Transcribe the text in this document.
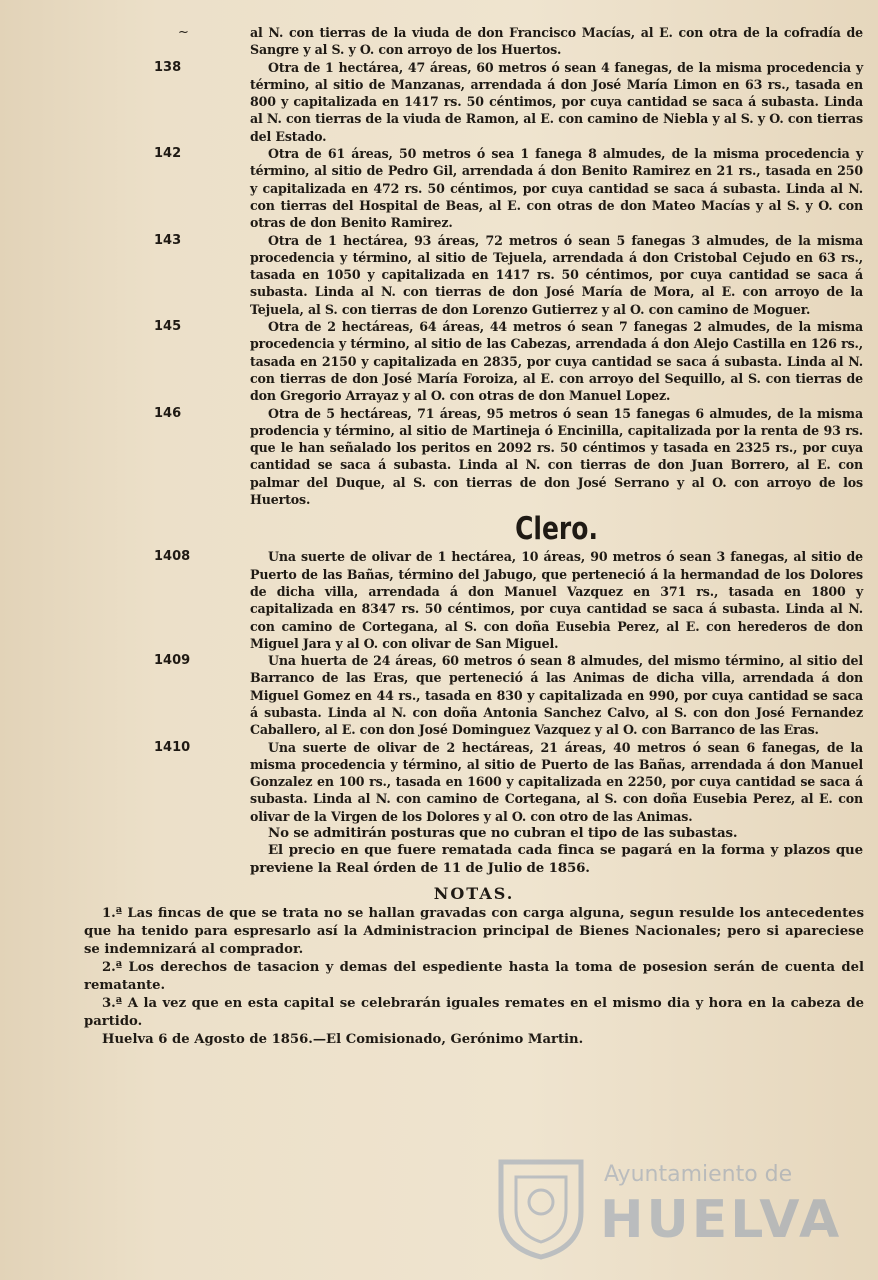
~	al N. con tierras de la viuda de don Francisco Macías, al E. con otra de la cofradía de Sangre y al S. y O. con arroyo de los Huertos.

138	Otra de 1 hectárea, 47 áreas, 60 metros ó sean 4 fanegas, de la misma procedencia y término, al sitio de Manzanas, arrendada á don José María Limon en 63 rs., tasada en 800 y capitalizada en 1417 rs. 50 céntimos, por cuya cantidad se saca á subasta. Linda al N. con tierras de la viuda de Ramon, al E. con camino de Niebla y al S. y O. con tierras del Estado.

142	Otra de 61 áreas, 50 metros ó sea 1 fanega 8 almudes, de la misma procedencia y término, al sitio de Pedro Gil, arrendada á don Benito Ramirez en 21 rs., tasada en 250 y capitalizada en 472 rs. 50 céntimos, por cuya cantidad se saca á subasta. Linda al N. con tierras del Hospital de Beas, al E. con otras de don Mateo Macías y al S. y O. con otras de don Benito Ramirez.

143	Otra de 1 hectárea, 93 áreas, 72 metros ó sean 5 fanegas 3 almudes, de la misma procedencia y término, al sitio de Tejuela, arrendada á don Cristobal Cejudo en 63 rs., tasada en 1050 y capitalizada en 1417 rs. 50 céntimos, por cuya cantidad se saca á subasta. Linda al N. con tierras de don José María de Mora, al E. con arroyo de la Tejuela, al S. con tierras de don Lorenzo Gutierrez y al O. con camino de Moguer.

145	Otra de 2 hectáreas, 64 áreas, 44 metros ó sean 7 fanegas 2 almudes, de la misma procedencia y término, al sitio de las Cabezas, arrendada á don Alejo Castilla en 126 rs., tasada en 2150 y capitalizada en 2835, por cuya cantidad se saca á subasta. Linda al N. con tierras de don José María Foroiza, al E. con arroyo del Sequillo, al S. con tierras de don Gregorio Arrayaz y al O. con otras de don Manuel Lopez.

146	Otra de 5 hectáreas, 71 áreas, 95 metros ó sean 15 fanegas 6 almudes, de la misma prodencia y término, al sitio de Martineja ó Encinilla, capitalizada por la renta de 93 rs. que le han señalado los peritos en 2092 rs. 50 céntimos y tasada en 2325 rs., por cuya cantidad se saca á subasta. Linda al N. con tierras de don Juan Borrero, al E. con palmar del Duque, al S. con tierras de don José Serrano y al O. con arroyo de los Huertos.

Clero.
1408	Una suerte de olivar de 1 hectárea, 10 áreas, 90 metros ó sean 3 fanegas, al sitio de Puerto de las Bañas, término del Jabugo, que perteneció á la hermandad de los Dolores de dicha villa, arrendada á don Manuel Vazquez en 371 rs., tasada en 1800 y capitalizada en 8347 rs. 50 céntimos, por cuya cantidad se saca á subasta. Linda al N. con camino de Cortegana, al S. con doña Eusebia Perez, al E. con herederos de don Miguel Jara y al O. con olivar de San Miguel.

1409	Una huerta de 24 áreas, 60 metros ó sean 8 almudes, del mismo término, al sitio del Barranco de las Eras, que perteneció á las Animas de dicha villa, arrendada á don Miguel Gomez en 44 rs., tasada en 830 y capitalizada en 990, por cuya cantidad se saca á subasta. Linda al N. con doña Antonia Sanchez Calvo, al S. con don José Fernandez Caballero, al E. con don José Dominguez Vazquez y al O. con Barranco de las Eras.

1410	Una suerte de olivar de 2 hectáreas, 21 áreas, 40 metros ó sean 6 fanegas, de la misma procedencia y término, al sitio de Puerto de las Bañas, arrendada á don Manuel Gonzalez en 100 rs., tasada en 1600 y capitalizada en 2250, por cuya cantidad se saca á subasta. Linda al N. con camino de Cortegana, al S. con doña Eusebia Perez, al E. con olivar de la Virgen de los Dolores y al O. con otro de las Animas.

No se admitirán posturas que no cubran el tipo de las subastas.

El precio en que fuere rematada cada finca se pagará en la forma y plazos que previene la Real órden de 11 de Julio de 1856.

NOTAS.

1.ª Las fincas de que se trata no se hallan gravadas con carga alguna, segun resulde los antecedentes que ha tenido para espresarlo así la Administracion principal de Bienes Nacionales; pero si apareciese se indemnizará al comprador.

2.ª Los derechos de tasacion y demas del espediente hasta la toma de posesion serán de cuenta del rematante.

3.ª A la vez que en esta capital se celebrarán iguales remates en el mismo dia y hora en la cabeza de partido.

Huelva 6 de Agosto de 1856.—El Comisionado, Gerónimo Martin.

Ayuntamiento de
HUELVA
